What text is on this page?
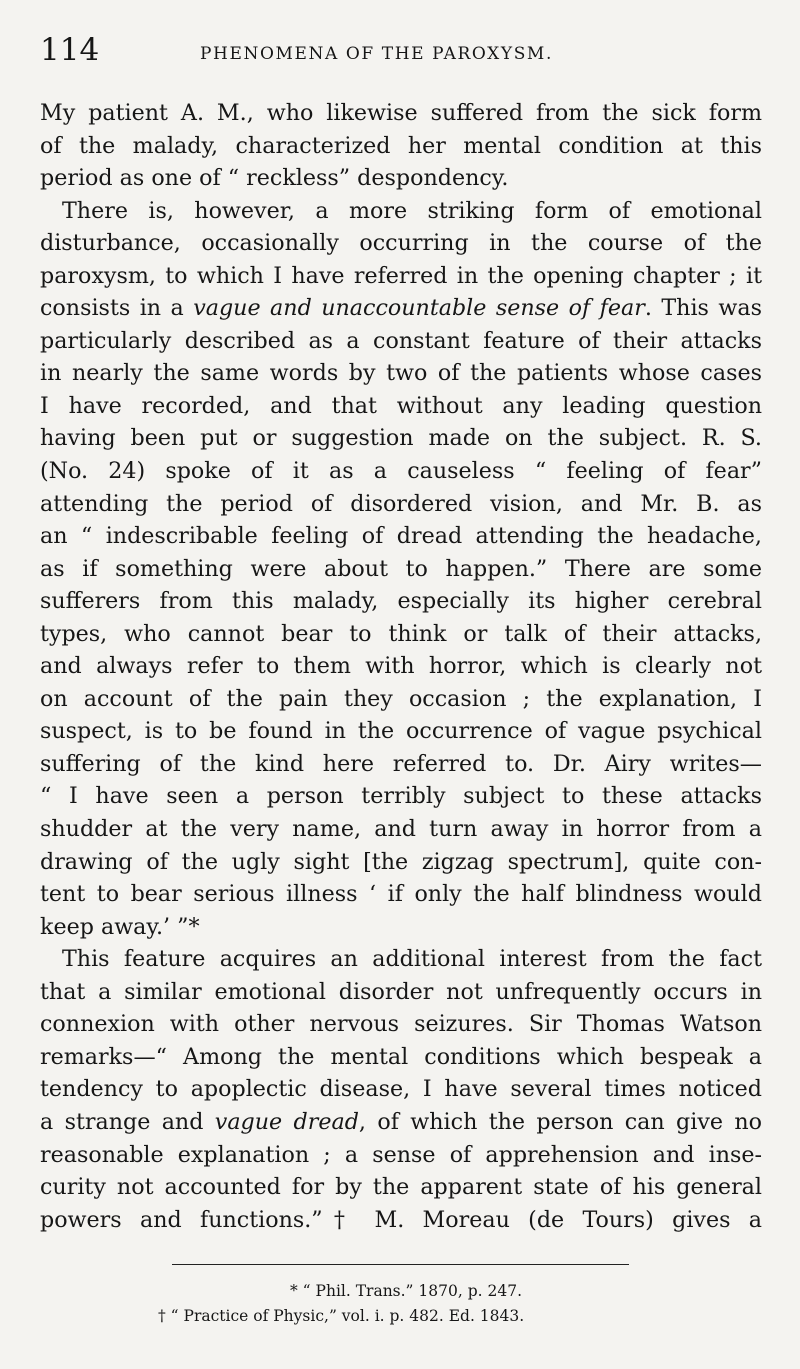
114	PHENOMENA OF THE PAROXYSM.
My patient A. M., who likewise suffered from the sick form
of the malady, characterized her mental condition at this
period as one of “ reckless” despondency.
There is, however, a more striking form of emotional
disturbance, occasionally occurring in the course of the
paroxysm, to which I have referred in the opening chapter ; it
consists in a vague and unaccountable sense of fear. This was
particularly described as a constant feature of their attacks
in nearly the same words by two of the patients whose cases
I have recorded, and that without any leading question
having been put or suggestion made on the subject. R. S.
(No. 24) spoke of it as a causeless “ feeling of fear”
attending the period of disordered vision, and Mr. B. as
an “ indescribable feeling of dread attending the headache,
as if something were about to happen.” There are some
sufferers from this malady, especially its higher cerebral
types, who cannot bear to think or talk of their attacks,
and always refer to them with horror, which is clearly not
on account of the pain they occasion ; the explanation, I
suspect, is to be found in the occurrence of vague psychical
suffering of the kind here referred to. Dr. Airy writes—
“ I have seen a person terribly subject to these attacks
shudder at the very name, and turn away in horror from a
drawing of the ugly sight [the zigzag spectrum], quite con-
tent to bear serious illness ‘ if only the half blindness would
keep away.’ ”*
This feature acquires an additional interest from the fact
that a similar emotional disorder not unfrequently occurs in
connexion with other nervous seizures. Sir Thomas Watson
remarks—“ Among the mental conditions which bespeak a
tendency to apoplectic disease, I have several times noticed
a strange and vague dread, of which the person can give no
reasonable explanation ; a sense of apprehension and inse-
curity not accounted for by the apparent state of his general
powers and functions.”† M. Moreau (de Tours) gives a
* “ Phil. Trans.” 1870, p. 247.
† “ Practice of Physic,” vol. i. p. 482. Ed. 1843.
